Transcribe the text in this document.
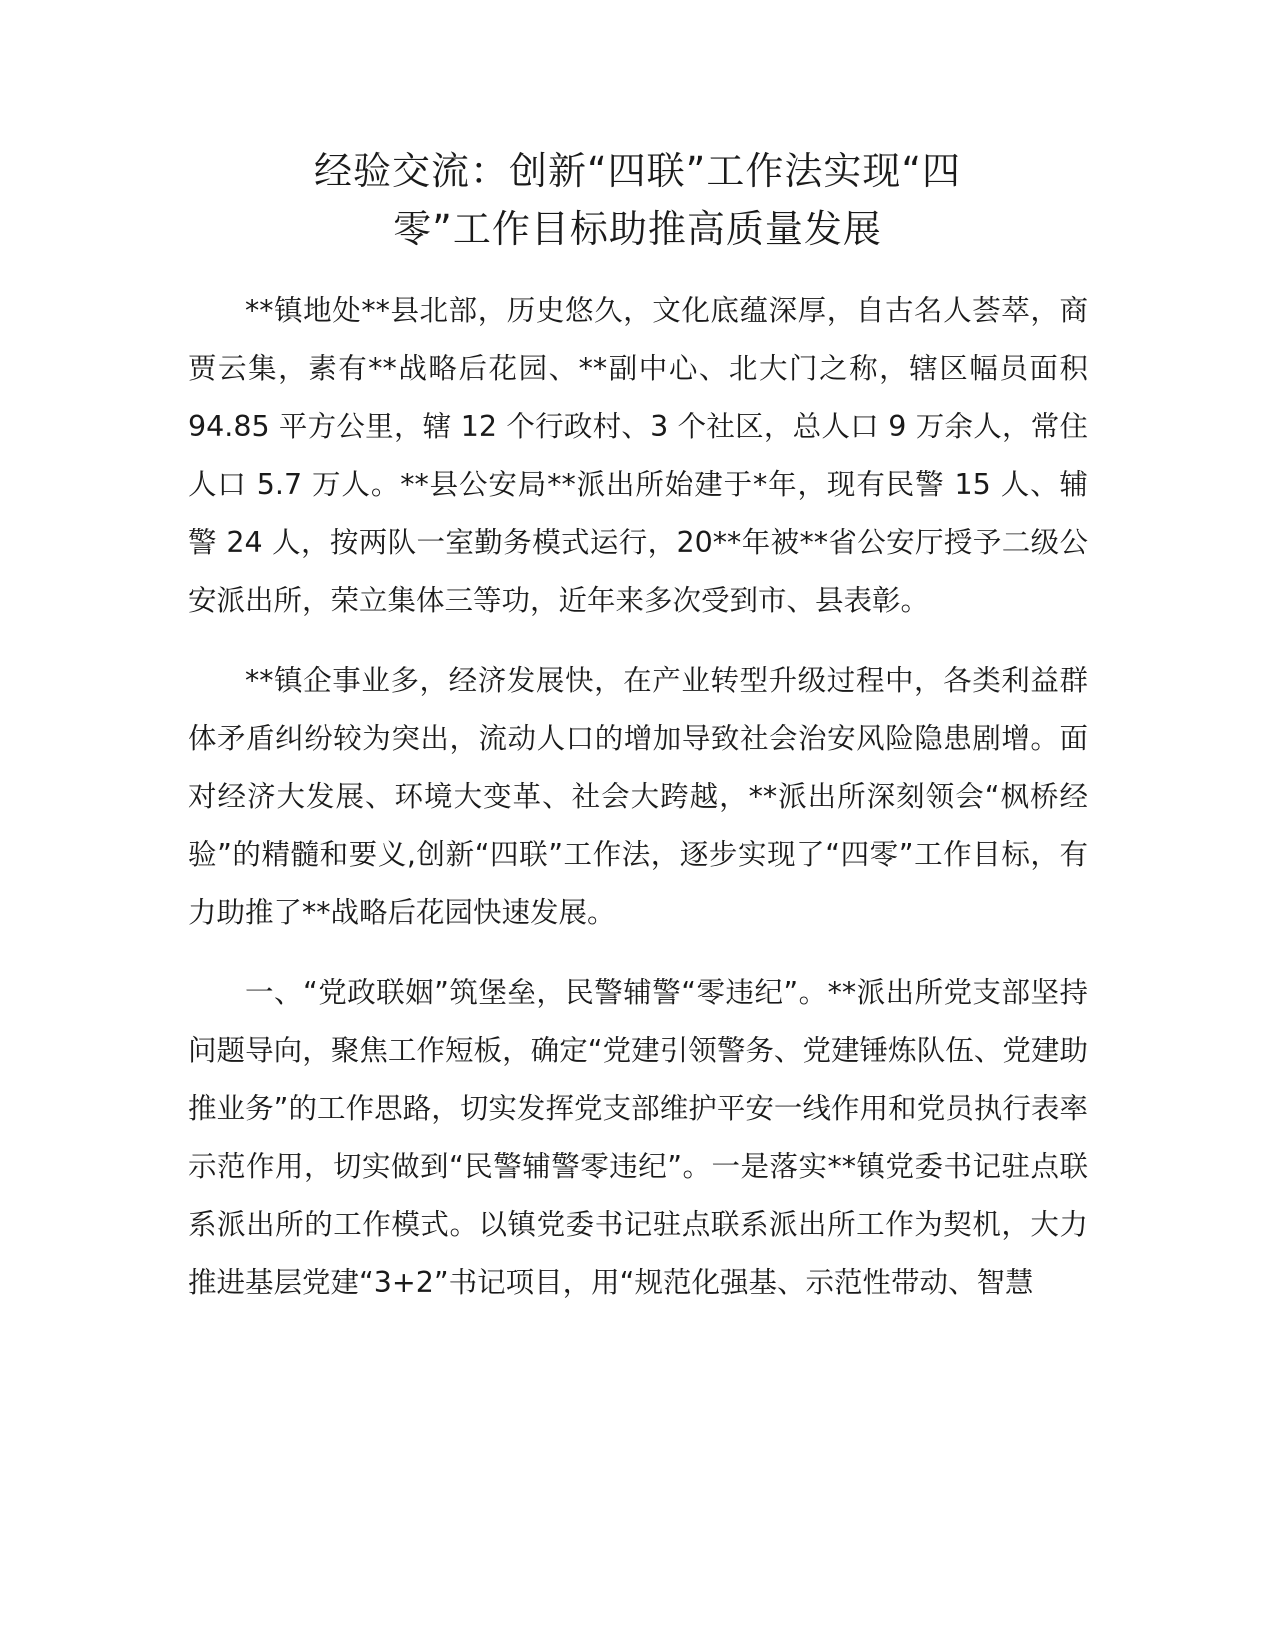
经验交流：创新“四联”工作法实现“四
零”工作目标助推高质量发展

**镇地处**县北部，历史悠久，文化底蕴深厚，自古名人荟萃，商贾云集，素有**战略后花园、**副中心、北大门之称，辖区幅员面积 94.85 平方公里，辖 12 个行政村、3 个社区，总人口 9 万余人，常住人口 5.7 万人。**县公安局**派出所始建于*年，现有民警 15 人、辅警 24 人，按两队一室勤务模式运行，20**年被**省公安厅授予二级公安派出所，荣立集体三等功，近年来多次受到市、县表彰。

**镇企事业多，经济发展快，在产业转型升级过程中，各类利益群体矛盾纠纷较为突出，流动人口的增加导致社会治安风险隐患剧增。面对经济大发展、环境大变革、社会大跨越，**派出所深刻领会“枫桥经验”的精髓和要义,创新“四联”工作法，逐步实现了“四零”工作目标，有力助推了**战略后花园快速发展。

一、“党政联姻”筑堡垒，民警辅警“零违纪”。**派出所党支部坚持问题导向，聚焦工作短板，确定“党建引领警务、党建锤炼队伍、党建助推业务”的工作思路，切实发挥党支部维护平安一线作用和党员执行表率示范作用，切实做到“民警辅警零违纪”。一是落实**镇党委书记驻点联系派出所的工作模式。以镇党委书记驻点联系派出所工作为契机，大力推进基层党建“3+2”书记项目，用“规范化强基、示范性带动、智慧
